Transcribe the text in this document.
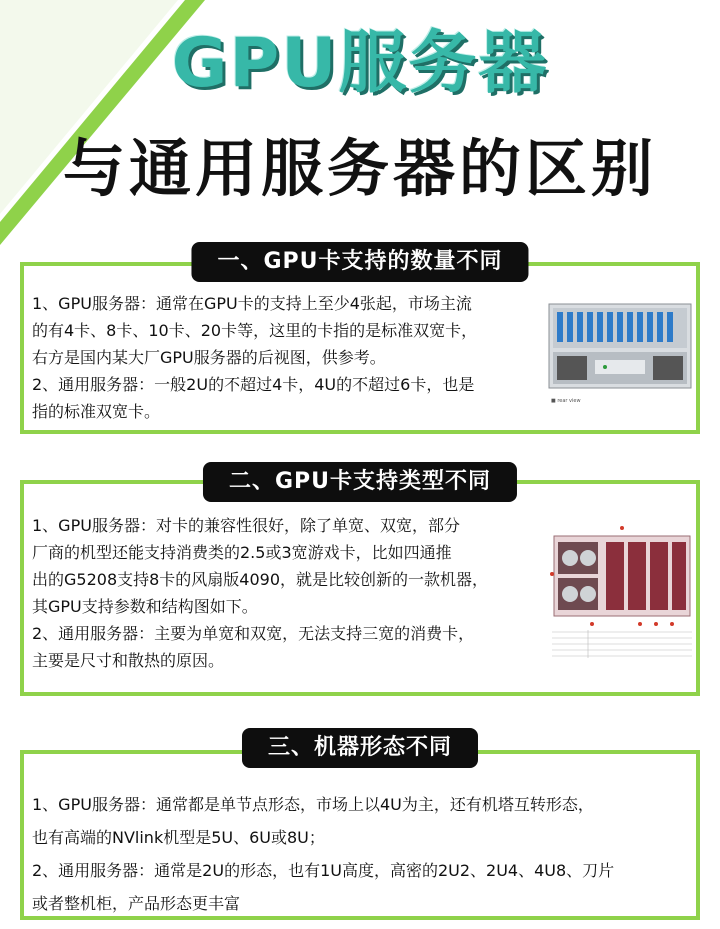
GPU服务器
与通用服务器的区别
一、GPU卡支持的数量不同

1、GPU服务器：通常在GPU卡的支持上至少4张起，市场主流

的有4卡、8卡、10卡、20卡等，这里的卡指的是标准双宽卡，

右方是国内某大厂GPU服务器的后视图，供参考。

2、通用服务器：一般2U的不超过4卡，4U的不超过6卡，也是

指的标准双宽卡。

■ rear view
二、GPU卡支持类型不同

1、GPU服务器：对卡的兼容性很好，除了单宽、双宽，部分

厂商的机型还能支持消费类的2.5或3宽游戏卡，比如四通推

出的G5208支持8卡的风扇版4090，就是比较创新的一款机器，

其GPU支持参数和结构图如下。

2、通用服务器：主要为单宽和双宽，无法支持三宽的消费卡，

主要是尺寸和散热的原因。

三、机器形态不同

1、GPU服务器：通常都是单节点形态，市场上以4U为主，还有机塔互转形态，

也有高端的NVlink机型是5U、6U或8U；

2、通用服务器：通常是2U的形态，也有1U高度，高密的2U2、2U4、4U8、刀片

或者整机柜，产品形态更丰富
